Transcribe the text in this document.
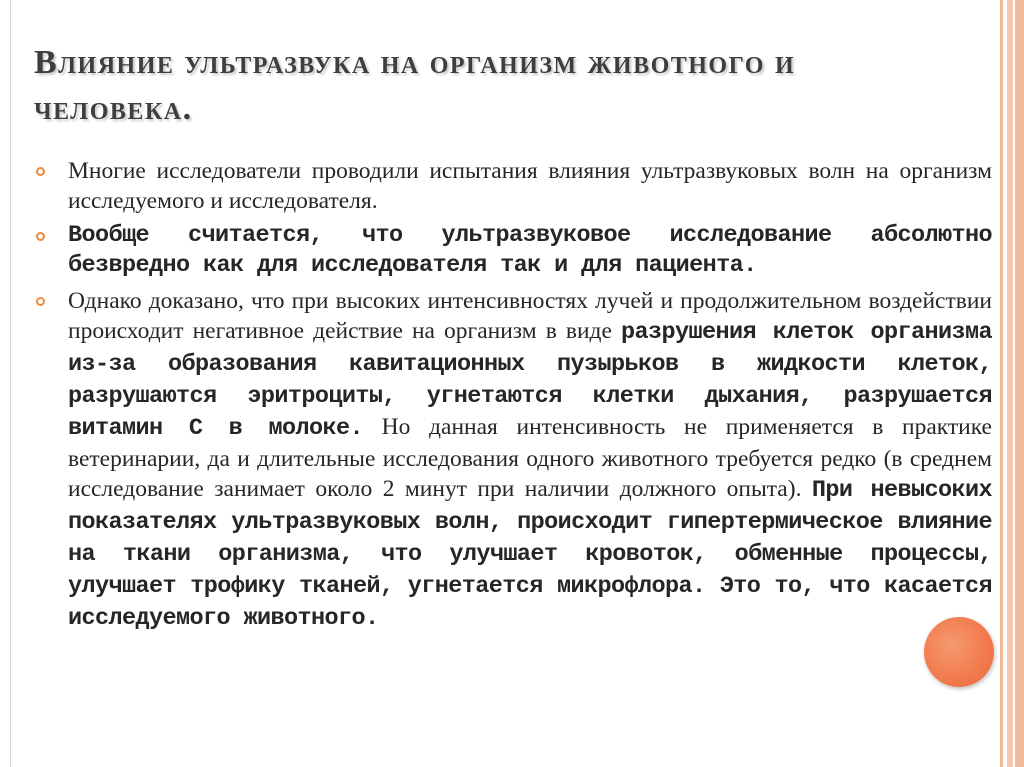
Влияние ультразвука на организм животного и человека.
Многие исследователи проводили испытания влияния ультразвуковых волн на организм исследуемого и исследователя.
Вообще считается, что ультразвуковое исследование абсолютно безвредно как для исследователя так и для пациента.
Однако доказано, что при высоких интенсивностях лучей и продолжительном воздействии происходит негативное действие на организм в виде разрушения клеток организма из-за образования кавитационных пузырьков в жидкости клеток, разрушаются эритроциты, угнетаются клетки дыхания, разрушается витамин С в молоке. Но данная интенсивность не применяется в практике ветеринарии, да и длительные исследования одного животного требуется редко (в среднем исследование занимает около 2 минут при наличии должного опыта). При невысоких показателях ультразвуковых волн, происходит гипертермическое влияние на ткани организма, что улучшает кровоток, обменные процессы, улучшает трофику тканей, угнетается микрофлора. Это то, что касается исследуемого животного.
